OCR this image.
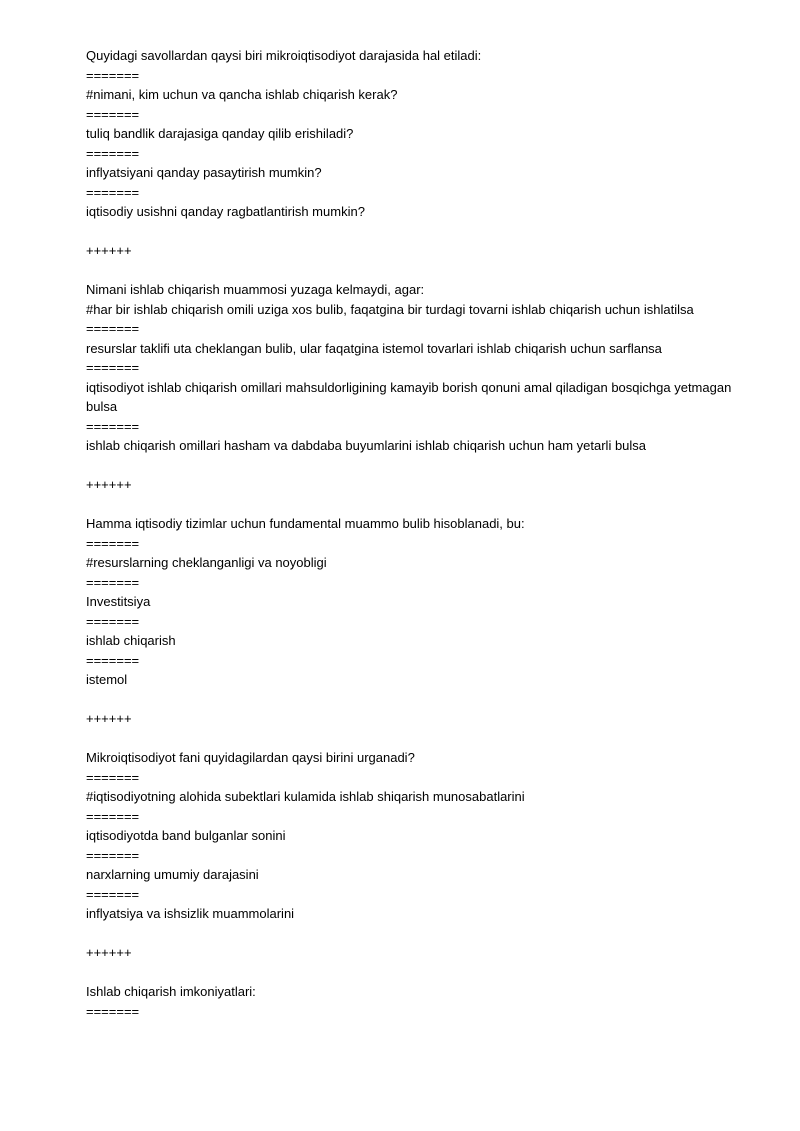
Quyidagi savollardan qaysi biri mikroiqtisodiyot darajasida hal etiladi:
=======
#nimani, kim uchun va qancha ishlab chiqarish kerak?
=======
tuliq bandlik darajasiga qanday qilib erishiladi?
=======
inflyatsiyani qanday pasaytirish mumkin?
=======
iqtisodiy usishni qanday ragbatlantirish mumkin?
++++++
Nimani ishlab chiqarish muammosi yuzaga kelmaydi, agar:
#har bir ishlab chiqarish omili uziga xos bulib, faqatgina bir turdagi tovarni ishlab chiqarish uchun ishlatilsa
=======
resurslar taklifi uta cheklangan bulib, ular faqatgina istemol tovarlari ishlab chiqarish uchun sarflansa
=======
iqtisodiyot ishlab chiqarish omillari mahsuldorligining kamayib borish qonuni amal qiladigan bosqichga yetmagan bulsa
=======
ishlab chiqarish omillari hasham va dabdaba buyumlarini ishlab chiqarish uchun ham yetarli bulsa
++++++
Hamma iqtisodiy tizimlar uchun fundamental muammo bulib hisoblanadi, bu:
=======
#resurslarning cheklanganligi va noyobligi
=======
Investitsiya
=======
ishlab chiqarish
=======
istemol
++++++
Mikroiqtisodiyot fani quyidagilardan qaysi birini urganadi?
=======
#iqtisodiyotning alohida subektlari kulamida ishlab shiqarish munosabatlarini
=======
iqtisodiyotda band bulganlar sonini
=======
narxlarning umumiy darajasini
=======
inflyatsiya va ishsizlik muammolarini
++++++
Ishlab chiqarish imkoniyatlari:
=======
